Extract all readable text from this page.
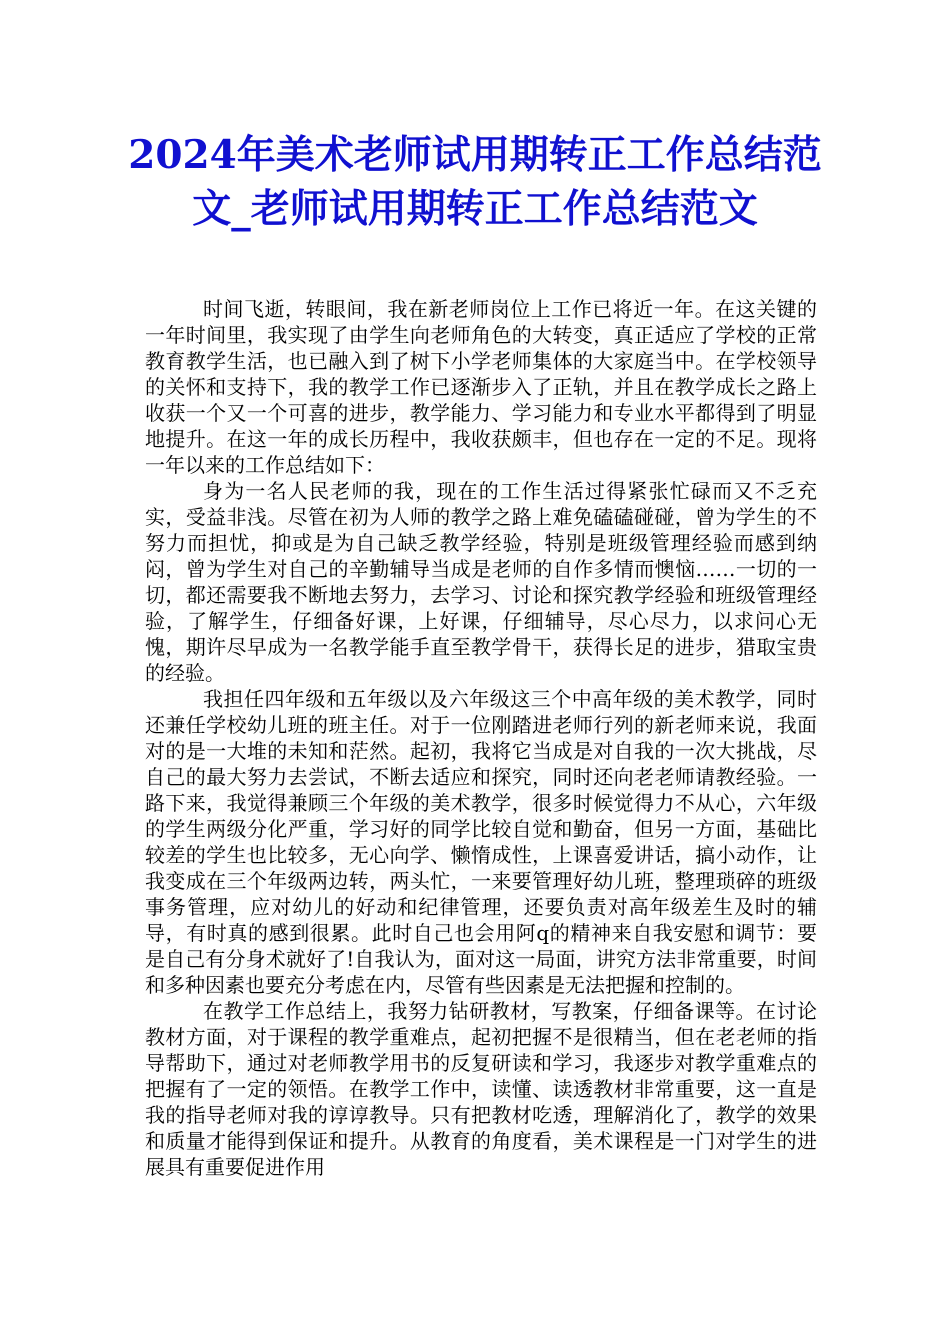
2024年美术老师试用期转正工作总结范文_老师试用期转正工作总结范文

时间飞逝，转眼间，我在新老师岗位上工作已将近一年。在这关键的一年时间里，我实现了由学生向老师角色的大转变，真正适应了学校的正常教育教学生活，也已融入到了树下小学老师集体的大家庭当中。在学校领导的关怀和支持下，我的教学工作已逐渐步入了正轨，并且在教学成长之路上收获一个又一个可喜的进步，教学能力、学习能力和专业水平都得到了明显地提升。在这一年的成长历程中，我收获颇丰，但也存在一定的不足。现将一年以来的工作总结如下：

身为一名人民老师的我，现在的工作生活过得紧张忙碌而又不乏充实，受益非浅。尽管在初为人师的教学之路上难免磕磕碰碰，曾为学生的不努力而担忧，抑或是为自己缺乏教学经验，特别是班级管理经验而感到纳闷，曾为学生对自己的辛勤辅导当成是老师的自作多情而懊恼……一切的一切，都还需要我不断地去努力，去学习、讨论和探究教学经验和班级管理经验，了解学生，仔细备好课，上好课，仔细辅导，尽心尽力，以求问心无愧，期许尽早成为一名教学能手直至教学骨干，获得长足的进步，猎取宝贵的经验。

我担任四年级和五年级以及六年级这三个中高年级的美术教学，同时还兼任学校幼儿班的班主任。对于一位刚踏进老师行列的新老师来说，我面对的是一大堆的未知和茫然。起初，我将它当成是对自我的一次大挑战，尽自己的最大努力去尝试，不断去适应和探究，同时还向老老师请教经验。一路下来，我觉得兼顾三个年级的美术教学，很多时候觉得力不从心，六年级的学生两级分化严重，学习好的同学比较自觉和勤奋，但另一方面，基础比较差的学生也比较多，无心向学、懒惰成性，上课喜爱讲话，搞小动作，让我变成在三个年级两边转，两头忙，一来要管理好幼儿班，整理琐碎的班级事务管理，应对幼儿的好动和纪律管理，还要负责对高年级差生及时的辅导，有时真的感到很累。此时自己也会用阿q的精神来自我安慰和调节：要是自己有分身术就好了!自我认为，面对这一局面，讲究方法非常重要，时间和多种因素也要充分考虑在内，尽管有些因素是无法把握和控制的。

在教学工作总结上，我努力钻研教材，写教案，仔细备课等。在讨论教材方面，对于课程的教学重难点，起初把握不是很精当，但在老老师的指导帮助下，通过对老师教学用书的反复研读和学习，我逐步对教学重难点的把握有了一定的领悟。在教学工作中，读懂、读透教材非常重要，这一直是我的指导老师对我的谆谆教导。只有把教材吃透，理解消化了，教学的效果和质量才能得到保证和提升。从教育的角度看，美术课程是一门对学生的进展具有重要促进作用
